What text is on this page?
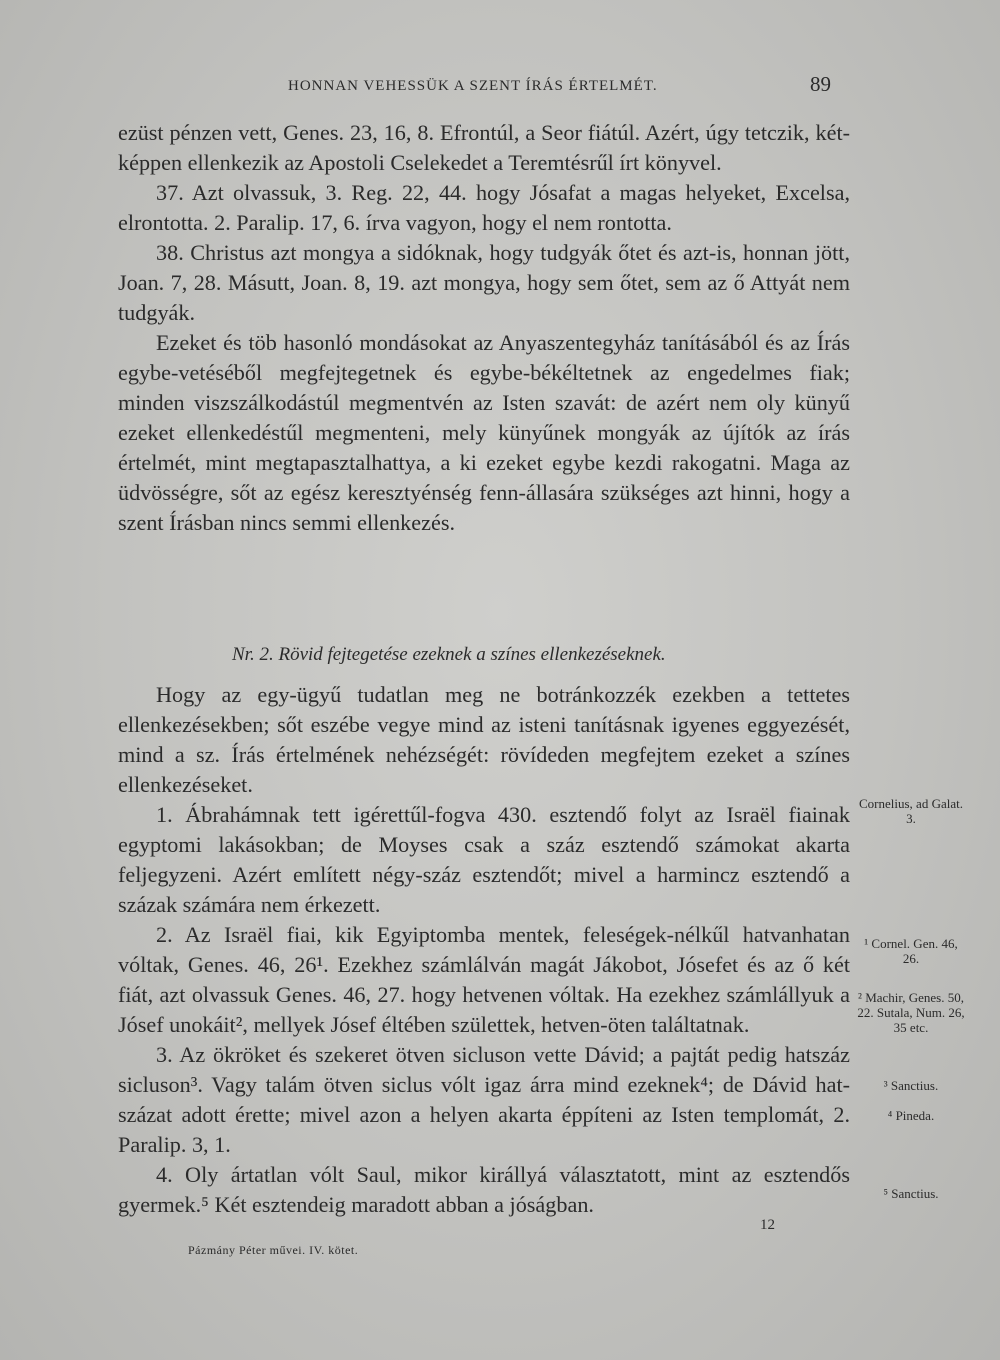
HONNAN VEHESSÜK A SZENT ÍRÁS ÉRTELMÉT.	89

ezüst pénzen vett, Genes. 23, 16, 8. Efrontúl, a Seor fiátúl. Azért, úgy tetczik, két-képpen ellenkezik az Apostoli Cselekedet a Teremtésrűl írt könyvel.

37. Azt olvassuk, 3. Reg. 22, 44. hogy Jósafat a magas helyeket, Excelsa, elrontotta. 2. Paralip. 17, 6. írva vagyon, hogy el nem rontotta.

38. Christus azt mongya a sidóknak, hogy tudgyák őtet és azt-is, honnan jött, Joan. 7, 28. Másutt, Joan. 8, 19. azt mongya, hogy sem őtet, sem az ő Attyát nem tudgyák.

Ezeket és töb hasonló mondásokat az Anyaszentegyház tanításából és az Írás egybe-vetéséből megfejtegetnek és egybe-békéltetnek az engedelmes fiak; minden viszszálkodástúl megmentvén az Isten szavát: de azért nem oly künyű ezeket ellenkedéstűl megmenteni, mely künyűnek mongyák az újítók az írás értelmét, mint megtapasztalhattya, a ki ezeket egybe kezdi rakogatni. Maga az üdvösségre, sőt az egész keresztyénség fenn-állasára szükséges azt hinni, hogy a szent Írásban nincs semmi ellenkezés.

Nr. 2. Rövid fejtegetése ezeknek a színes ellenkezéseknek.

Hogy az egy-ügyű tudatlan meg ne botránkozzék ezekben a tettetes ellenkezésekben; sőt eszébe vegye mind az isteni tanításnak igyenes eggyezését, mind a sz. Írás értelmének nehézségét: rövídeden megfejtem ezeket a színes ellenkezéseket.

1. Ábrahámnak tett igérettűl-fogva 430. esztendő folyt az Israël fiainak egyptomi lakásokban; de Moyses csak a száz esztendő számokat akarta feljegyzeni. Azért említett négy-száz esztendőt; mivel a harmincz esztendő a százak számára nem érkezett.

2. Az Israël fiai, kik Egyiptomba mentek, feleségek-nélkűl hatvanhatan vóltak, Genes. 46, 26¹. Ezekhez számlálván magát Jákobot, Jósefet és az ő két fiát, azt olvassuk Genes. 46, 27. hogy hetvenen vóltak. Ha ezekhez számlállyuk a Jósef unokáit², mellyek Jósef éltében születtek, hetven-öten találtatnak.

3. Az ökröket és szekeret ötven sicluson vette Dávid; a pajtát pedig hatszáz sicluson³. Vagy talám ötven siclus vólt igaz árra mind ezeknek⁴; de Dávid hat-százat adott érette; mivel azon a helyen akarta éppíteni az Isten templomát, 2. Paralip. 3, 1.

4. Oly ártatlan vólt Saul, mikor királlyá választatott, mint az esztendős gyermek.⁵ Két esztendeig maradott abban a jóságban.

Cornelius, ad Galat. 3.
¹ Cornel. Gen. 46, 26.
² Machir, Genes. 50, 22. Sutala, Num. 26, 35 etc.
³ Sanctius.
⁴ Pineda.
⁵ Sanctius.
12
Pázmány Péter művei. IV. kötet.
